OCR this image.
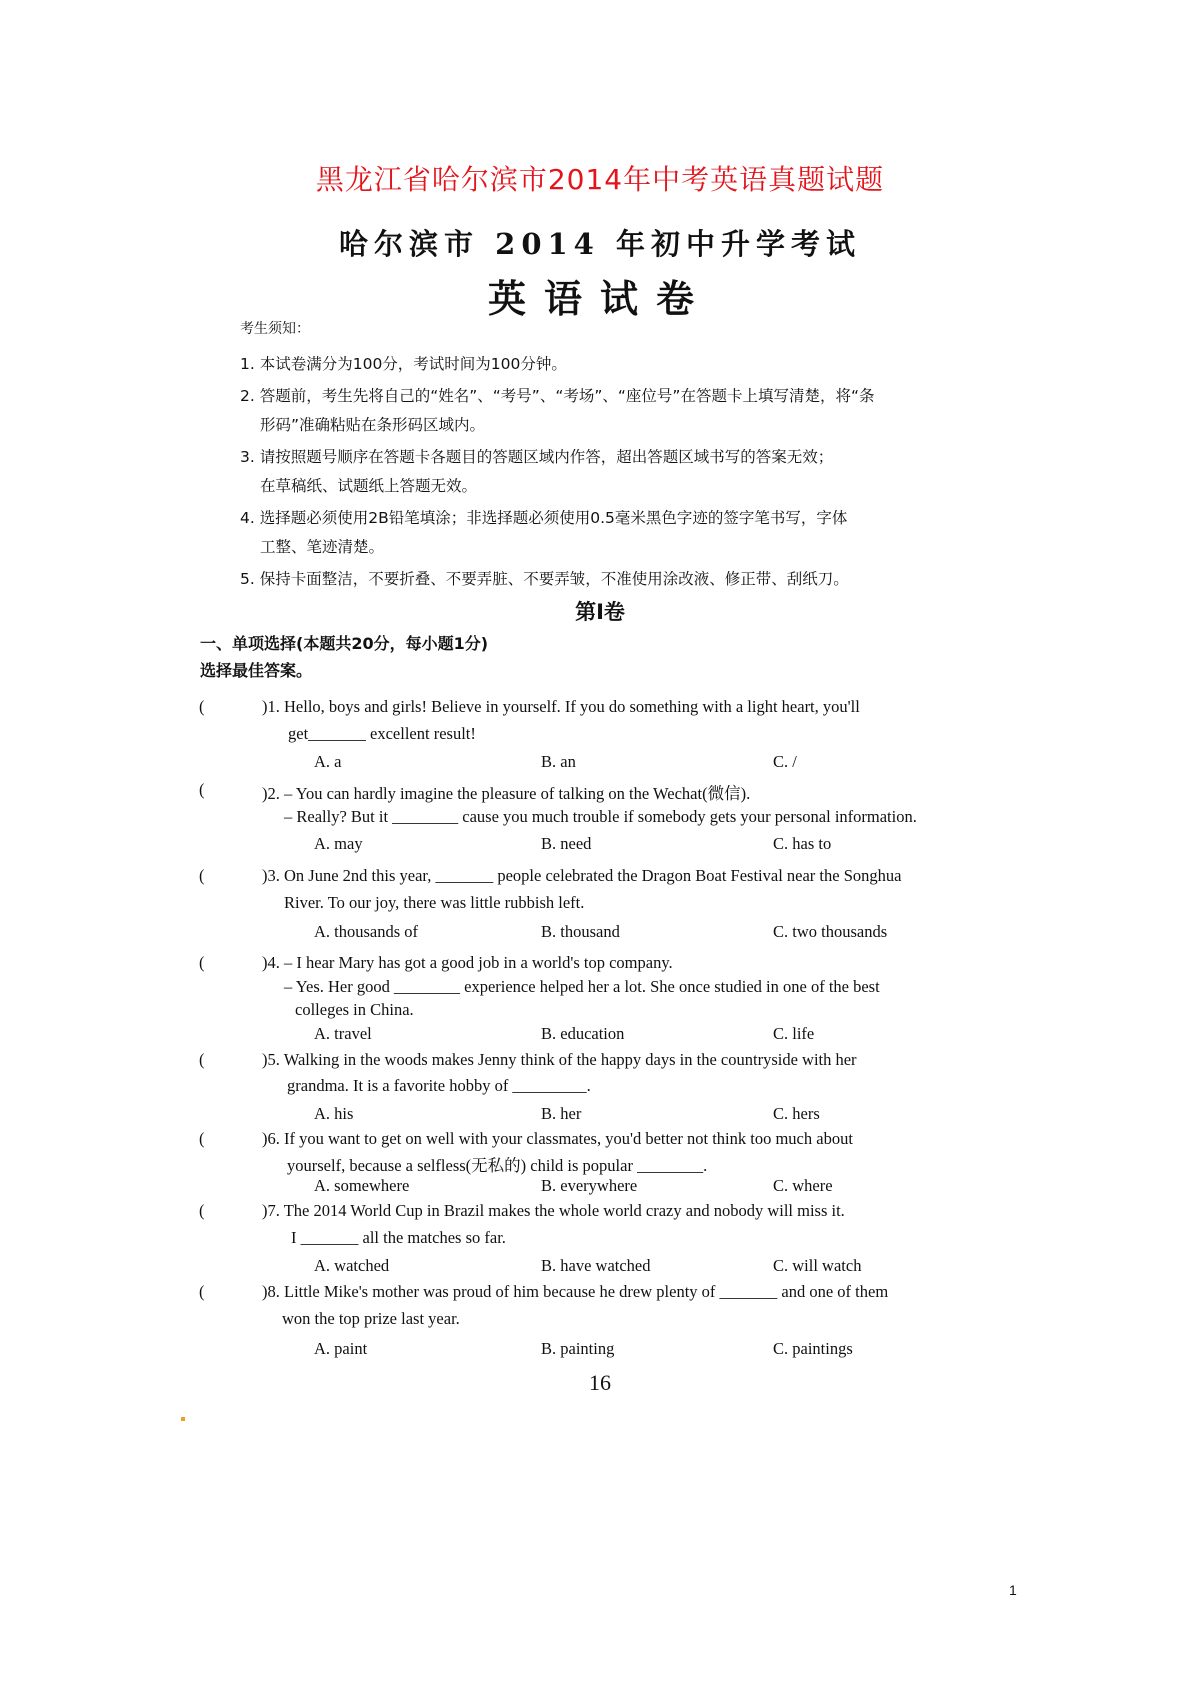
黑龙江省哈尔滨市2014年中考英语真题试题
哈尔滨市 2014 年初中升学考试
英语试卷
考生须知：
1. 本试卷满分为100分，考试时间为100分钟。
2. 答题前，考生先将自己的“姓名”、“考号”、“考场”、“座位号”在答题卡上填写清楚，将“条
形码”准确粘贴在条形码区域内。
3. 请按照题号顺序在答题卡各题目的答题区域内作答，超出答题区域书写的答案无效；
在草稿纸、试题纸上答题无效。
4. 选择题必须使用2B铅笔填涂；非选择题必须使用0.5毫米黑色字迹的签字笔书写，字体
工整、笔迹清楚。
5. 保持卡面整洁，不要折叠、不要弄脏、不要弄皱，不准使用涂改液、修正带、刮纸刀。
第Ⅰ卷
一、单项选择(本题共20分，每小题1分)
选择最佳答案。
(	)1. Hello, boys and girls! Believe in yourself. If you do something with a light heart, you'll
get_______ excellent result!
A. a	B. an	C. /
(	)2. – You can hardly imagine the pleasure of talking on the Wechat(微信).
– Really? But it ________ cause you much trouble if somebody gets your personal information.
A. may	B. need	C. has to
(	)3. On June 2nd this year, _______ people celebrated the Dragon Boat Festival near the Songhua
River. To our joy, there was little rubbish left.
A. thousands of	B. thousand	C. two thousands
(	)4. – I hear Mary has got a good job in a world's top company.
– Yes. Her good ________ experience helped her a lot. She once studied in one of the best
colleges in China.
A. travel	B. education	C. life
(	)5. Walking in the woods makes Jenny think of the happy days in the countryside with her
grandma. It is a favorite hobby of _________.
A. his	B. her	C. hers
(	)6. If you want to get on well with your classmates, you'd better not think too much about
yourself, because a selfless(无私的) child is popular ________.
A. somewhere	B. everywhere	C. where
(	)7. The 2014 World Cup in Brazil makes the whole world crazy and nobody will miss it.
I _______ all the matches so far.
A. watched	B. have watched	C. will watch
(	)8. Little Mike's mother was proud of him because he drew plenty of _______ and one of them
won the top prize last year.
A. paint	B. painting	C. paintings
16
1
